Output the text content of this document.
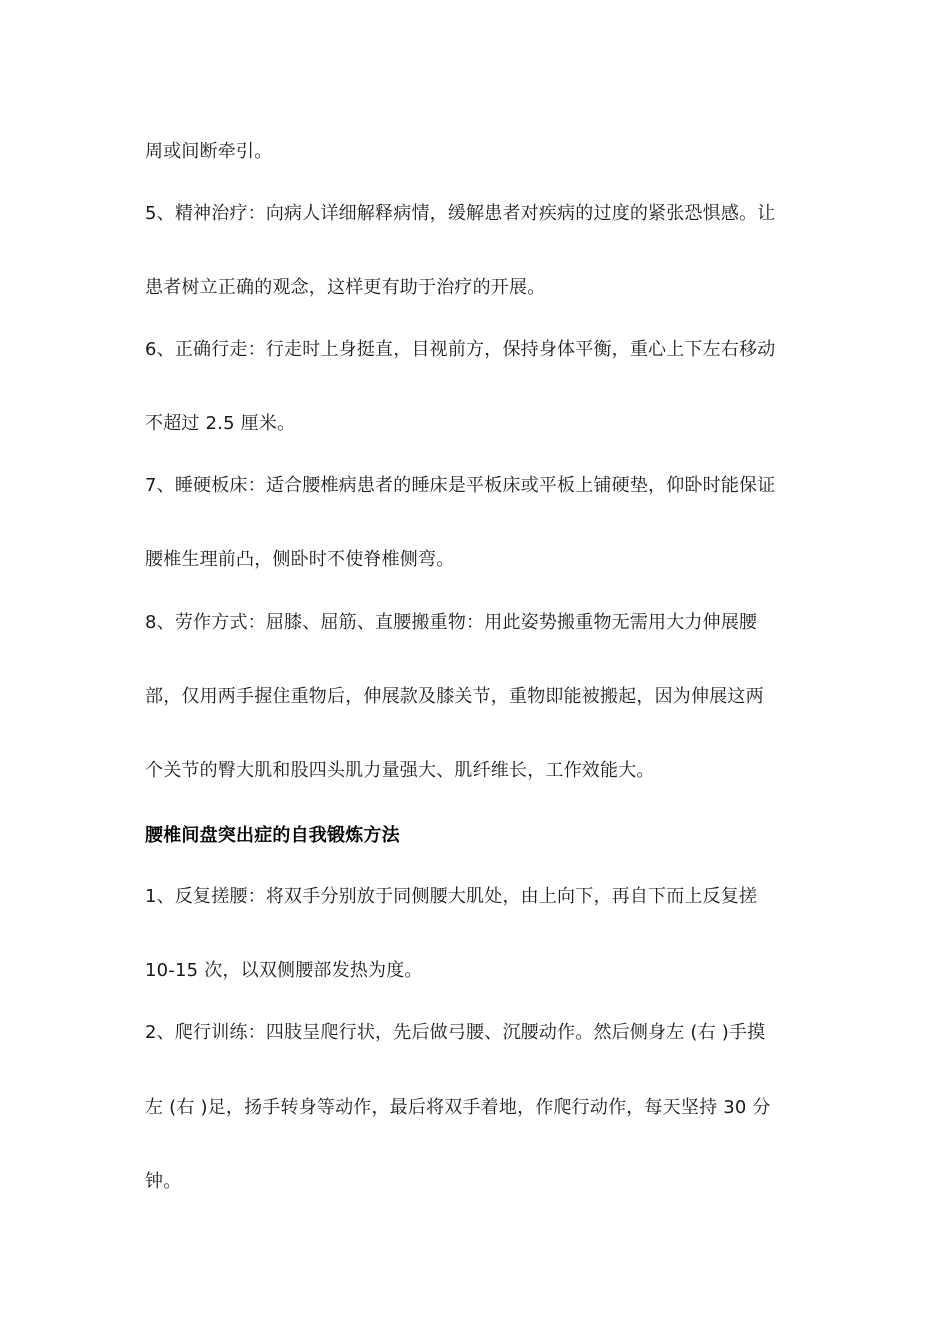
周或间断牵引。
5、精神治疗：向病人详细解释病情，缓解患者对疾病的过度的紧张恐惧感。让
患者树立正确的观念，这样更有助于治疗的开展。
6、正确行走：行走时上身挺直，目视前方，保持身体平衡，重心上下左右移动
不超过 2.5 厘米。
7、睡硬板床：适合腰椎病患者的睡床是平板床或平板上铺硬垫，仰卧时能保证
腰椎生理前凸，侧卧时不使脊椎侧弯。
8、劳作方式：屈膝、屈筋、直腰搬重物：用此姿势搬重物无需用大力伸展腰
部，仅用两手握住重物后，伸展款及膝关节，重物即能被搬起，因为伸展这两
个关节的臀大肌和股四头肌力量强大、肌纤维长，工作效能大。
腰椎间盘突出症的自我锻炼方法
1、反复搓腰：将双手分别放于同侧腰大肌处，由上向下，再自下而上反复搓
10-15 次，以双侧腰部发热为度。
2、爬行训练：四肢呈爬行状，先后做弓腰、沉腰动作。然后侧身左 (右 )手摸
左 (右 )足，扬手转身等动作，最后将双手着地，作爬行动作，每天坚持 30 分
钟。
